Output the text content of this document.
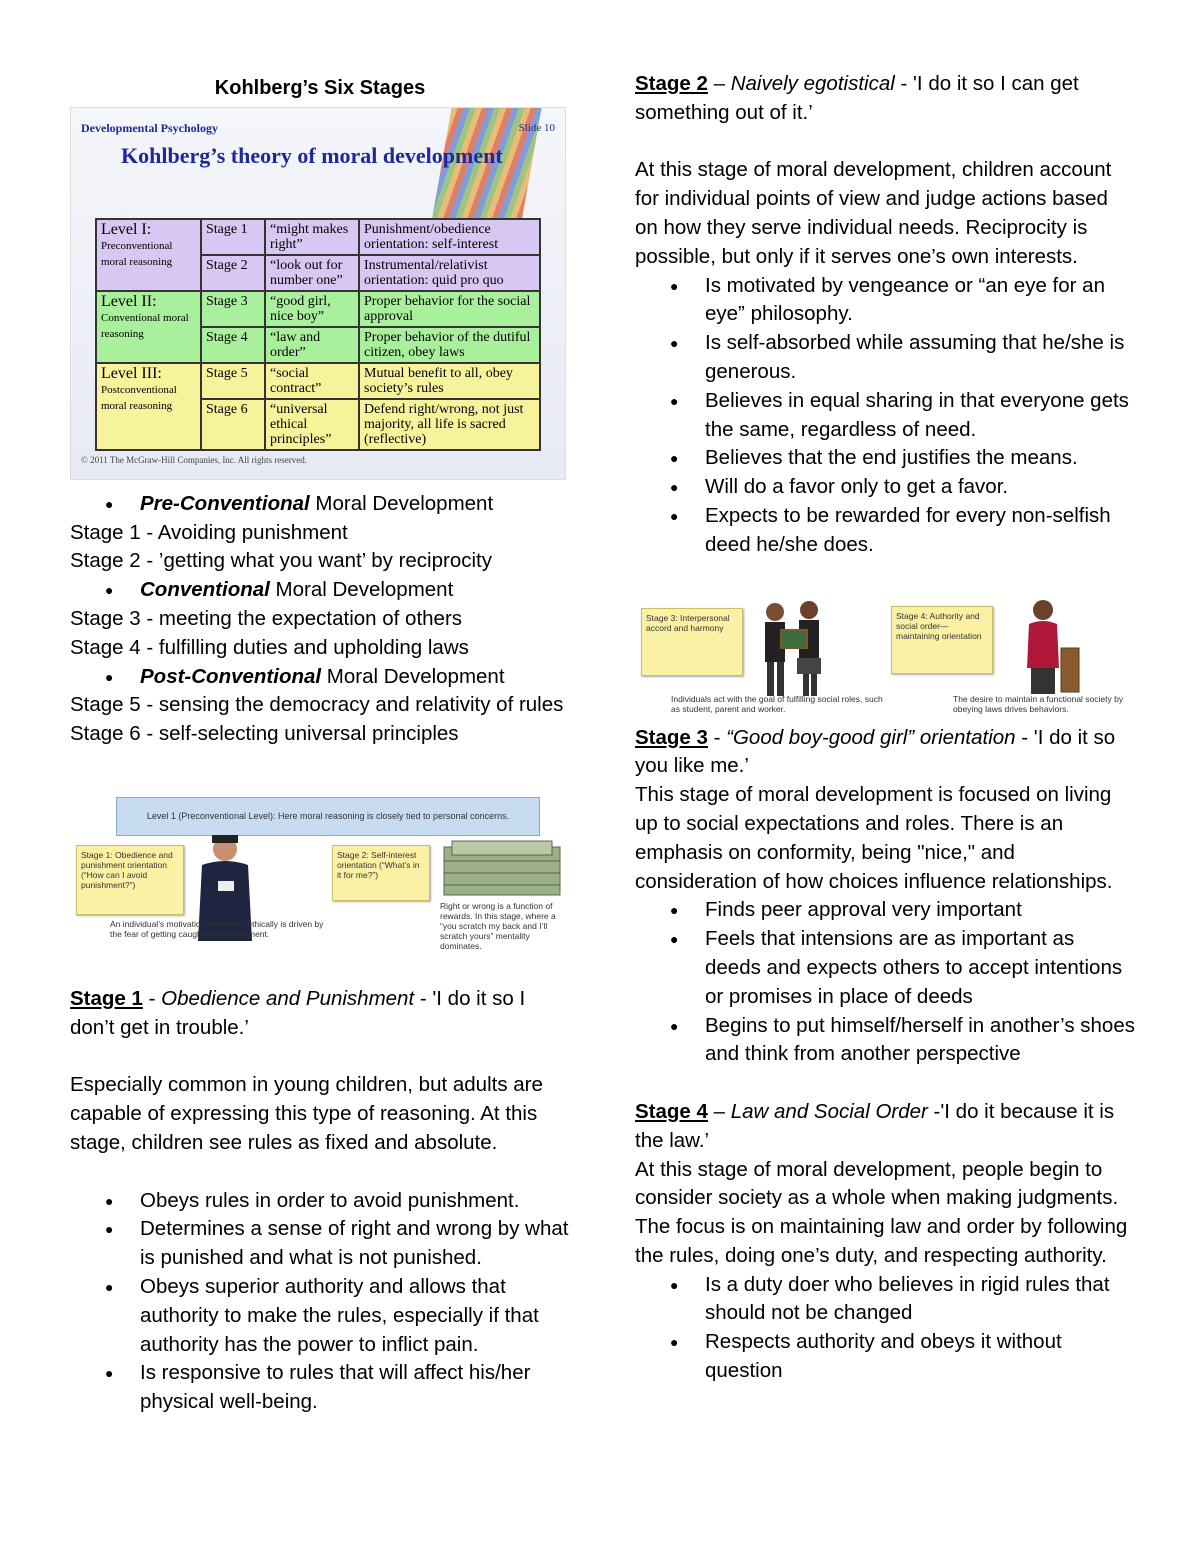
Kohlberg’s Six Stages

Developmental Psychology	Slide 10
Kohlberg’s theory of moral development
Level I:
Preconventional moral reasoning	Stage 1	“might makes right”	Punishment/obedience orientation: self-interest
	Stage 2	“look out for number one”	Instrumental/relativist orientation: quid pro quo
Level II:
Conventional moral reasoning	Stage 3	“good girl, nice boy”	Proper behavior for the social approval
	Stage 4	“law and order”	Proper behavior of the dutiful citizen, obey laws
Level III:
Postconventional moral reasoning	Stage 5	“social contract”	Mutual benefit to all, obey society’s rules
	Stage 6	“universal ethical principles”	Defend right/wrong, not just majority, all life is sacred (reflective)
© 2011 The McGraw-Hill Companies, Inc. All rights reserved.
● Pre-Conventional Moral Development

Stage 1 - Avoiding punishment

Stage 2 - ’getting what you want’ by reciprocity

● Conventional Moral Development

Stage 3 - meeting the expectation of others

Stage 4 - fulfilling duties and upholding laws

● Post-Conventional Moral Development

Stage 5 - sensing the democracy and relativity of rules

Stage 6 - self-selecting universal principles

Level 1 (Preconventional Level): Here moral reasoning is closely tied to personal concerns.
Stage 1: Obedience and punishment orientation (“How can I avoid punishment?”)
Stage 2: Self-interest orientation (“What’s in it for me?”)
An individual’s motivation to behave ethically is driven by the fear of getting caught and punishment.
Right or wrong is a function of rewards. In this stage, where a “you scratch my back and I’ll scratch yours” mentality dominates.

Stage 1 - Obedience and Punishment - 'I do it so I don’t get in trouble.’

Especially common in young children, but adults are capable of expressing this type of reasoning. At this stage, children see rules as fixed and absolute.

● Obeys rules in order to avoid punishment.
● Determines a sense of right and wrong by what is punished and what is not punished.
● Obeys superior authority and allows that authority to make the rules, especially if that authority has the power to inflict pain.
● Is responsive to rules that will affect his/her physical well-being.

Stage 2 – Naively egotistical - 'I do it so I can get something out of it.’

At this stage of moral development, children account for individual points of view and judge actions based on how they serve individual needs. Reciprocity is possible, but only if it serves one’s own interests.

● Is motivated by vengeance or “an eye for an eye” philosophy.
● Is self-absorbed while assuming that he/she is generous.
● Believes in equal sharing in that everyone gets the same, regardless of need.
● Believes that the end justifies the means.
● Will do a favor only to get a favor.
● Expects to be rewarded for every non-selfish deed he/she does.
Stage 3: Interpersonal accord and harmony
Stage 4: Authority and social order—maintaining orientation
Individuals act with the goal of fulfilling social roles, such as student, parent and worker.
The desire to maintain a functional society by obeying laws drives behaviors.

Stage 3 - “Good boy-good girl” orientation - 'I do it so you like me.’

This stage of moral development is focused on living up to social expectations and roles. There is an emphasis on conformity, being "nice," and consideration of how choices influence relationships.

● Finds peer approval very important
● Feels that intensions are as important as deeds and expects others to accept intentions or promises in place of deeds
● Begins to put himself/herself in another’s shoes and think from another perspective

Stage 4 – Law and Social Order -'I do it because it is the law.’

At this stage of moral development, people begin to consider society as a whole when making judgments. The focus is on maintaining law and order by following the rules, doing one’s duty, and respecting authority.

● Is a duty doer who believes in rigid rules that should not be changed
● Respects authority and obeys it without question
